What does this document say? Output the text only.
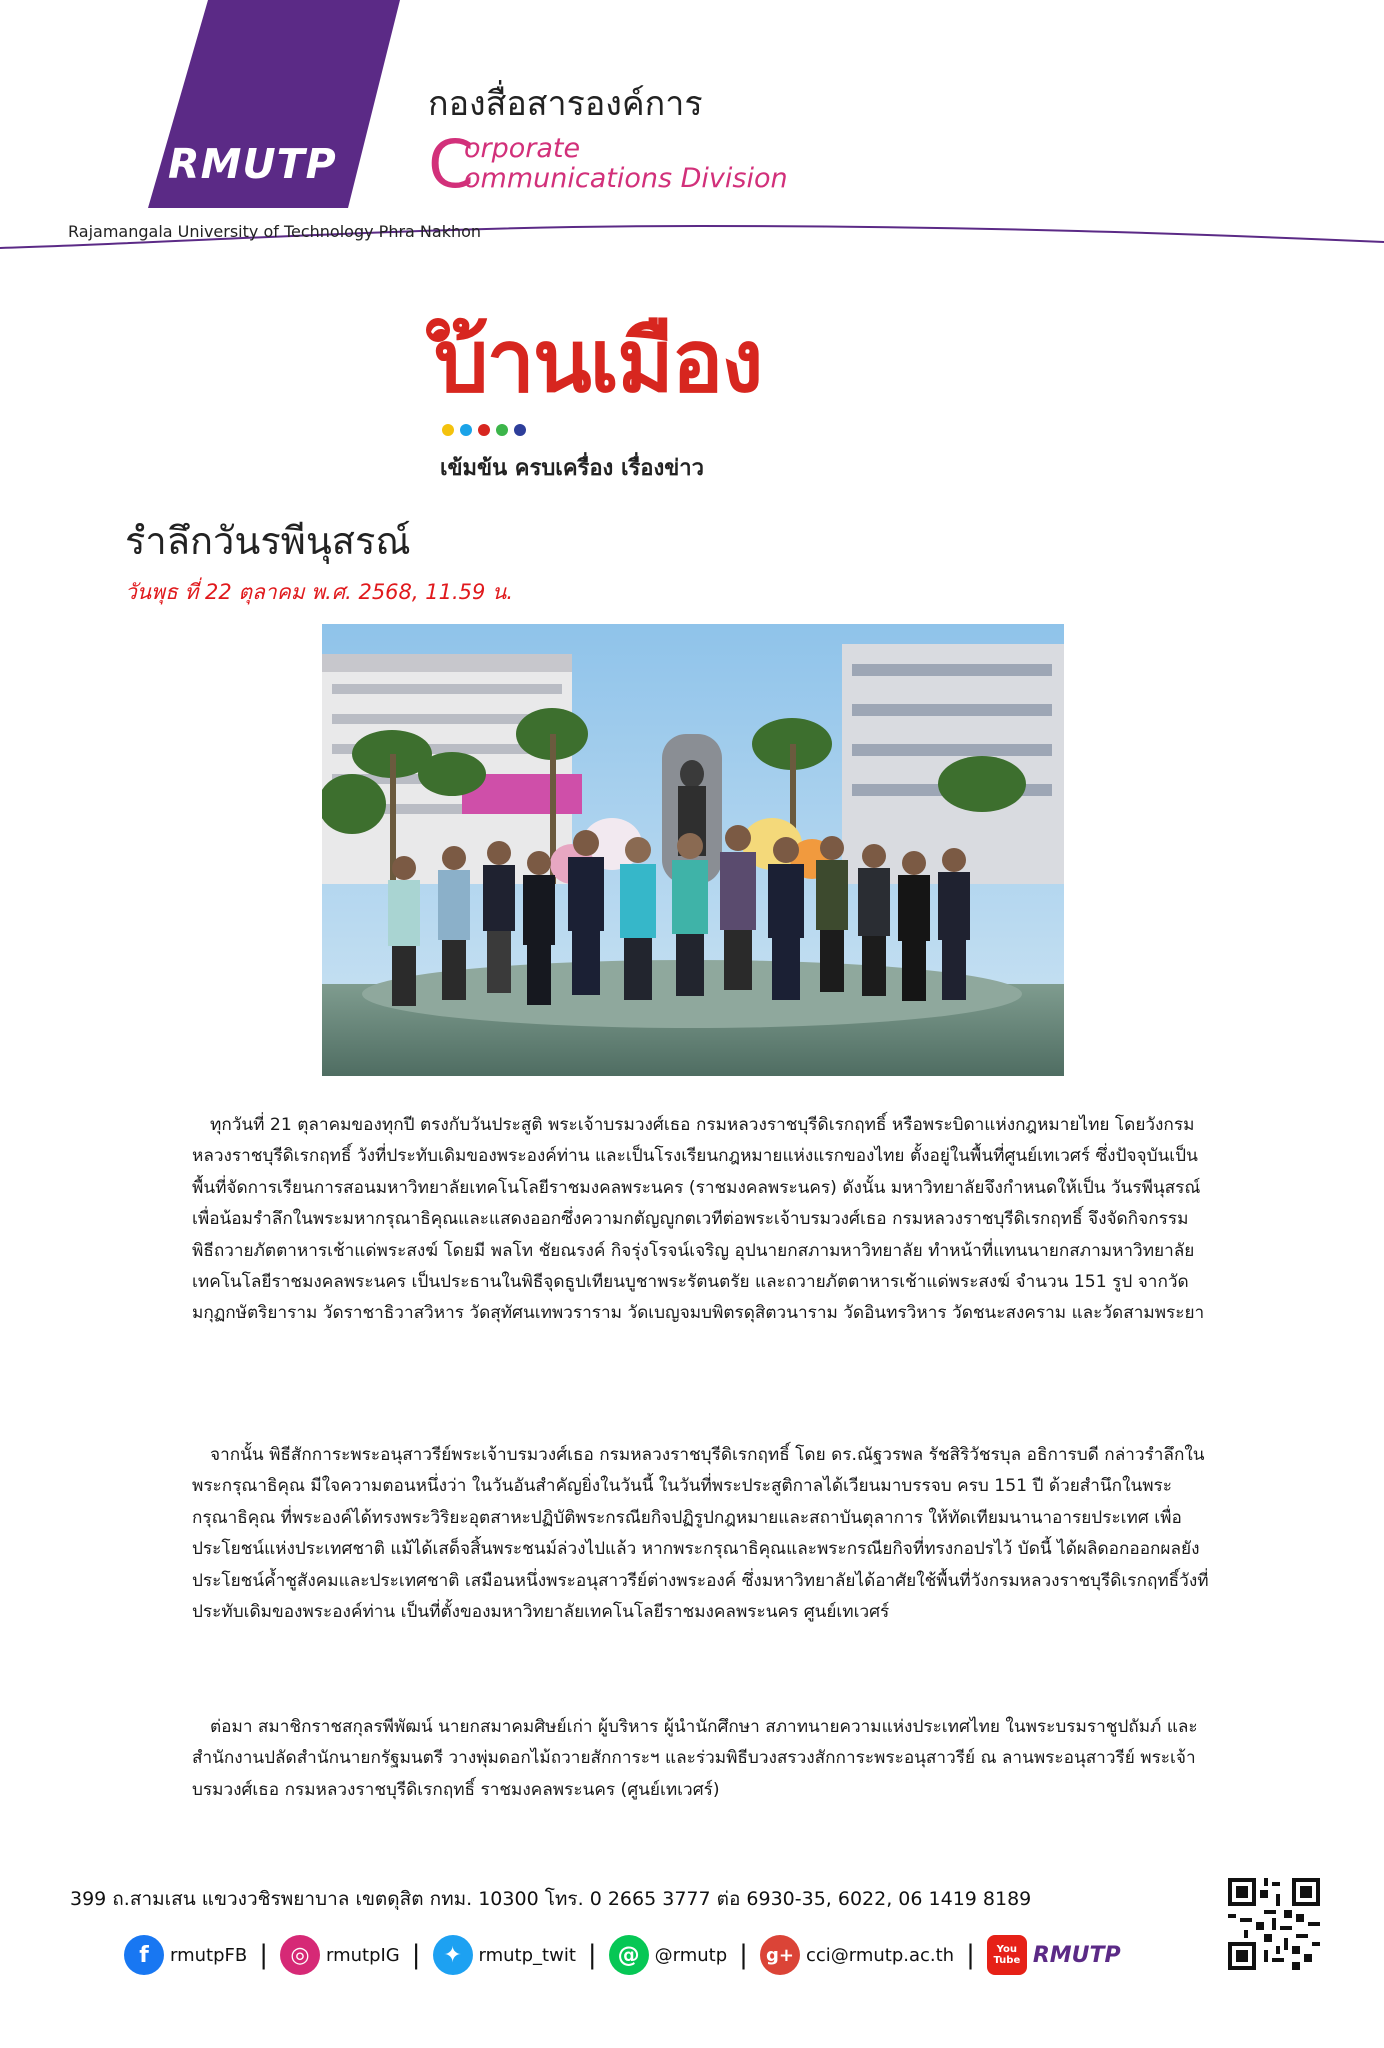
RMUTP
กองสื่อสารองค์การ
C
orporate
ommunications Division
Rajamangala University of Technology Phra Nakhon
บ้านเมือง
เข้มข้น ครบเครื่อง เรื่องข่าว
รำลึกวันรพีนุสรณ์
วันพุธ ที่ 22 ตุลาคม พ.ศ. 2568, 11.59 น.

ทุกวันที่ 21 ตุลาคมของทุกปี ตรงกับวันประสูติ พระเจ้าบรมวงศ์เธอ กรมหลวงราชบุรีดิเรกฤทธิ์ หรือพระบิดาแห่งกฎหมายไทย โดยวังกรมหลวงราชบุรีดิเรกฤทธิ์ วังที่ประทับเดิมของพระองค์ท่าน และเป็นโรงเรียนกฎหมายแห่งแรกของไทย ตั้งอยู่ในพื้นที่ศูนย์เทเวศร์ ซึ่งปัจจุบันเป็นพื้นที่จัดการเรียนการสอนมหาวิทยาลัยเทคโนโลยีราชมงคลพระนคร (ราชมงคลพระนคร) ดังนั้น มหาวิทยาลัยจึงกำหนดให้เป็น วันรพีนุสรณ์ เพื่อน้อมรำลึกในพระมหากรุณาธิคุณและแสดงออกซึ่งความกตัญญูกตเวทีต่อพระเจ้าบรมวงศ์เธอ กรมหลวงราชบุรีดิเรกฤทธิ์ จึงจัดกิจกรรมพิธีถวายภัตตาหารเช้าแด่พระสงฆ์ โดยมี พลโท ชัยณรงค์ กิจรุ่งโรจน์เจริญ อุปนายกสภามหาวิทยาลัย ทำหน้าที่แทนนายกสภามหาวิทยาลัยเทคโนโลยีราชมงคลพระนคร เป็นประธานในพิธีจุดธูปเทียนบูชาพระรัตนตรัย และถวายภัตตาหารเช้าแด่พระสงฆ์ จำนวน 151 รูป จากวัดมกุฏกษัตริยาราม วัดราชาธิวาสวิหาร วัดสุทัศนเทพวราราม วัดเบญจมบพิตรดุสิตวนาราม วัดอินทรวิหาร วัดชนะสงคราม และวัดสามพระยา

จากนั้น พิธีสักการะพระอนุสาวรีย์พระเจ้าบรมวงศ์เธอ กรมหลวงราชบุรีดิเรกฤทธิ์ โดย ดร.ณัฐวรพล รัชสิริวัชรบุล อธิการบดี กล่าวรำลึกในพระกรุณาธิคุณ มีใจความตอนหนึ่งว่า ในวันอันสำคัญยิ่งในวันนี้ ในวันที่พระประสูติกาลได้เวียนมาบรรจบ ครบ 151 ปี ด้วยสำนึกในพระกรุณาธิคุณ ที่พระองค์ได้ทรงพระวิริยะอุตสาหะปฏิบัติพระกรณียกิจปฏิรูปกฎหมายและสถาบันตุลาการ ให้ทัดเทียมนานาอารยประเทศ เพื่อประโยชน์แห่งประเทศชาติ แม้ได้เสด็จสิ้นพระชนม์ล่วงไปแล้ว หากพระกรุณาธิคุณและพระกรณียกิจที่ทรงกอปรไว้ บัดนี้ ได้ผลิดอกออกผลยังประโยชน์ค้ำชูสังคมและประเทศชาติ เสมือนหนึ่งพระอนุสาวรีย์ต่างพระองค์ ซึ่งมหาวิทยาลัยได้อาศัยใช้พื้นที่วังกรมหลวงราชบุรีดิเรกฤทธิ์วังที่ประทับเดิมของพระองค์ท่าน เป็นที่ตั้งของมหาวิทยาลัยเทคโนโลยีราชมงคลพระนคร ศูนย์เทเวศร์

ต่อมา สมาชิกราชสกุลรพีพัฒน์ นายกสมาคมศิษย์เก่า ผู้บริหาร ผู้นำนักศึกษา สภาทนายความแห่งประเทศไทย ในพระบรมราชูปถัมภ์ และสำนักงานปลัดสำนักนายกรัฐมนตรี วางพุ่มดอกไม้ถวายสักการะฯ และร่วมพิธีบวงสรวงสักการะพระอนุสาวรีย์ ณ ลานพระอนุสาวรีย์ พระเจ้าบรมวงศ์เธอ กรมหลวงราชบุรีดิเรกฤทธิ์ ราชมงคลพระนคร (ศูนย์เทเวศร์)

399 ถ.สามเสน แขวงวชิรพยาบาล เขตดุสิต กทม. 10300 โทร. 0 2665 3777 ต่อ 6930-35, 6022, 06 1419 8189
f	rmutpFB |	◎ rmutpIG |	✦ rmutp_twit | @ @rmutp |	g+ cci@rmutp.ac.th |	You
Tube RMUTP
